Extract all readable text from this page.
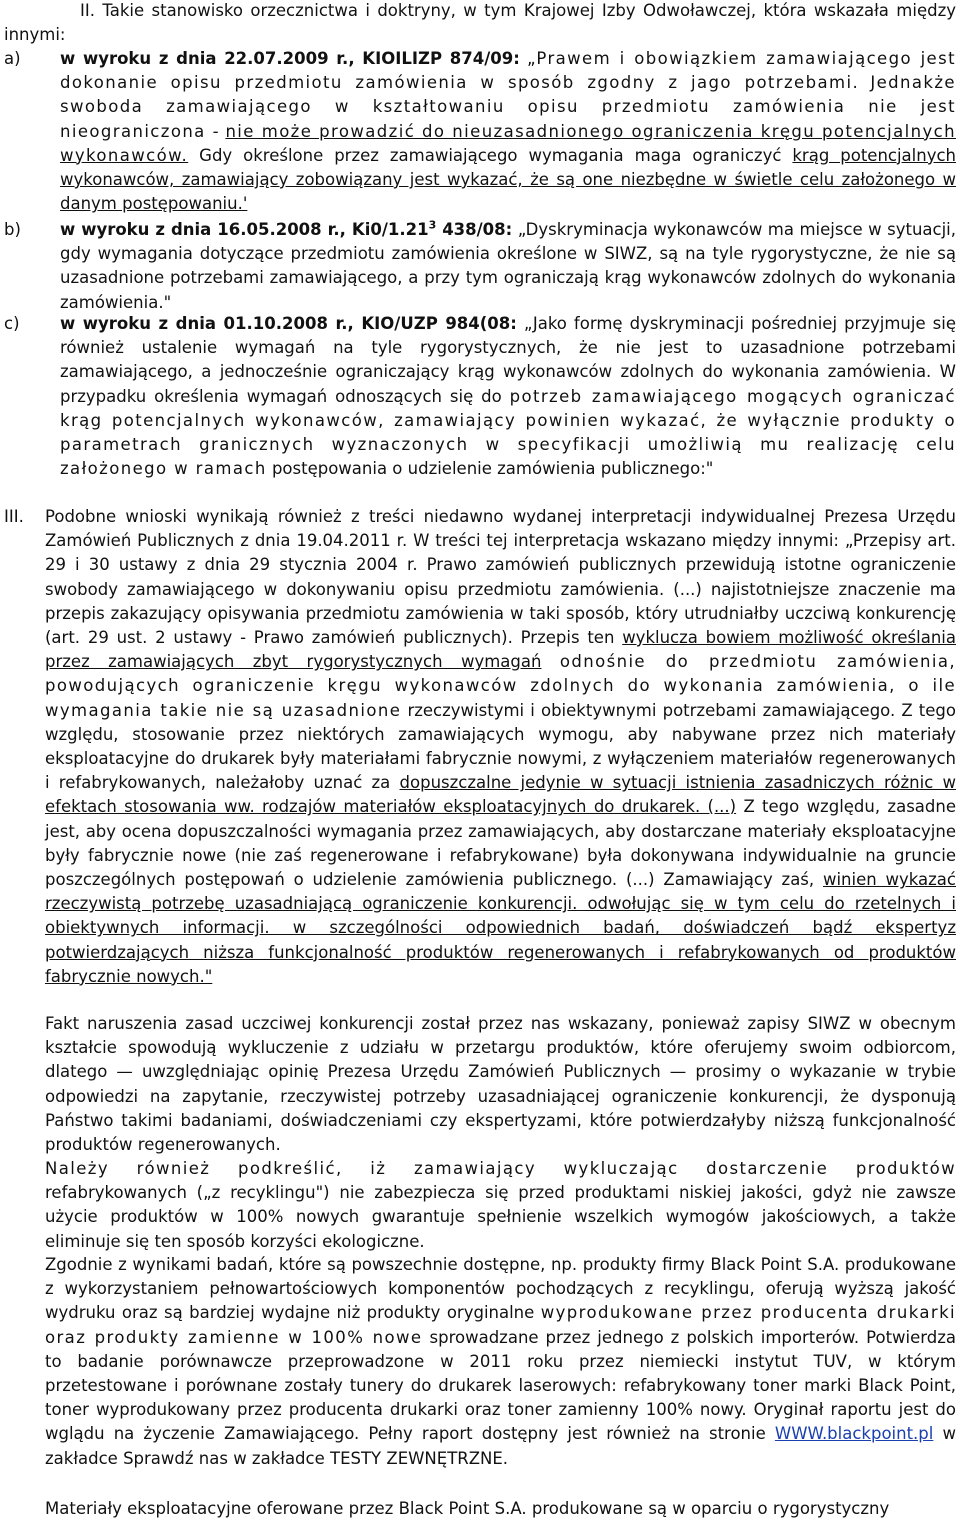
II. Takie stanowisko orzecznictwa i doktryny, w tym Krajowej Izby Odwoławczej, która wskazała między innymi:

a) w wyroku z dnia 22.07.2009 r., KIOILIZP 874/09: „Prawem i obowiązkiem zamawiającego jest dokonanie opisu przedmiotu zamówienia w sposób zgodny z jago potrzebami. Jednakże swoboda zamawiającego w kształtowaniu opisu przedmiotu zamówienia nie jest nieograniczona - nie może prowadzić do nieuzasadnionego ograniczenia kręgu potencjalnych wykonawców. Gdy określone przez zamawiającego wymagania maga ograniczyć krąg potencjalnych wykonawców, zamawiający zobowiązany jest wykazać, że są one niezbędne w świetle celu założonego w danym postępowaniu.'

b) w wyroku z dnia 16.05.2008 r., Ki0/1.21$^3$ 438/08: „Dyskryminacja wykonawców ma miejsce w sytuacji, gdy wymagania dotyczące przedmiotu zamówienia określone w SIWZ, są na tyle rygorystyczne, że nie są uzasadnione potrzebami zamawiającego, a przy tym ograniczają krąg wykonawców zdolnych do wykonania zamówienia."

c) w wyroku z dnia 01.10.2008 r., KIO/UZP 984(08: „Jako formę dyskryminacji pośredniej przyjmuje się również ustalenie wymagań na tyle rygorystycznych, że nie jest to uzasadnione potrzebami zamawiającego, a jednocześnie ograniczający krąg wykonawców zdolnych do wykonania zamówienia. W przypadku określenia wymagań odnoszących się do potrzeb zamawiającego mogących ograniczać krąg potencjalnych wykonawców, zamawiający powinien wykazać, że wyłącznie produkty o parametrach granicznych wyznaczonych w specyfikacji umożliwią mu realizację celu założonego w ramach postępowania o udzielenie zamówienia publicznego:"

III. Podobne wnioski wynikają również z treści niedawno wydanej interpretacji indywidualnej Prezesa Urzędu Zamówień Publicznych z dnia 19.04.2011 r. W treści tej interpretacja wskazano między innymi: „Przepisy art. 29 i 30 ustawy z dnia 29 stycznia 2004 r. Prawo zamówień publicznych przewidują istotne ograniczenie swobody zamawiającego w dokonywaniu opisu przedmiotu zamówienia. (...) najistotniejsze znaczenie ma przepis zakazujący opisywania przedmiotu zamówienia w taki sposób, który utrudniałby uczciwą konkurencję (art. 29 ust. 2 ustawy - Prawo zamówień publicznych). Przepis ten wyklucza bowiem możliwość określania przez zamawiających zbyt rygorystycznych wymagań odnośnie do przedmiotu zamówienia, powodujących ograniczenie kręgu wykonawców zdolnych do wykonania zamówienia, o ile wymagania takie nie są uzasadnione rzeczywistymi i obiektywnymi potrzebami zamawiającego. Z tego względu, stosowanie przez niektórych zamawiających wymogu, aby nabywane przez nich materiały eksploatacyjne do drukarek były materiałami fabrycznie nowymi, z wyłączeniem materiałów regenerowanych i refabrykowanych, należałoby uznać za dopuszczalne jedynie w sytuacji istnienia zasadniczych różnic w efektach stosowania ww. rodzajów materiałów eksploatacyjnych do drukarek. (...) Z tego względu, zasadne jest, aby ocena dopuszczalności wymagania przez zamawiających, aby dostarczane materiały eksploatacyjne były fabrycznie nowe (nie zaś regenerowane i refabrykowane) była dokonywana indywidualnie na gruncie poszczególnych postępowań o udzielenie zamówienia publicznego. (...) Zamawiający zaś, winien wykazać rzeczywistą potrzebę uzasadniającą ograniczenie konkurencji. odwołując się w tym celu do rzetelnych i obiektywnych informacji. w szczególności odpowiednich badań, doświadczeń bądź ekspertyz potwierdzających niższa funkcjonalność produktów regenerowanych i refabrykowanych od produktów fabrycznie nowych."

Fakt naruszenia zasad uczciwej konkurencji został przez nas wskazany, ponieważ zapisy SIWZ w obecnym kształcie spowodują wykluczenie z udziału w przetargu produktów, które oferujemy swoim odbiorcom, dlatego — uwzględniając opinię Prezesa Urzędu Zamówień Publicznych — prosimy o wykazanie w trybie odpowiedzi na zapytanie, rzeczywistej potrzeby uzasadniającej ograniczenie konkurencji, że dysponują Państwo takimi badaniami, doświadczeniami czy ekspertyzami, które potwierdzałyby niższą funkcjonalność produktów regenerowanych.

Należy również podkreślić, iż zamawiający wykluczając dostarczenie produktów refabrykowanych („z recyklingu") nie zabezpiecza się przed produktami niskiej jakości, gdyż nie zawsze użycie produktów w 100% nowych gwarantuje spełnienie wszelkich wymogów jakościowych, a także eliminuje się ten sposób korzyści ekologiczne.

Zgodnie z wynikami badań, które są powszechnie dostępne, np. produkty firmy Black Point S.A. produkowane z wykorzystaniem pełnowartościowych komponentów pochodzących z recyklingu, oferują wyższą jakość wydruku oraz są bardziej wydajne niż produkty oryginalne wyprodukowane przez producenta drukarki oraz produkty zamienne w 100% nowe sprowadzane przez jednego z polskich importerów. Potwierdza to badanie porównawcze przeprowadzone w 2011 roku przez niemiecki instytut TUV, w którym przetestowane i porównane zostały tunery do drukarek laserowych: refabrykowany toner marki Black Point, toner wyprodukowany przez producenta drukarki oraz toner zamienny 100% nowy. Oryginał raportu jest do wglądu na życzenie Zamawiającego. Pełny raport dostępny jest również na stronie WWW.blackpoint.pl w zakładce Sprawdź nas w zakładce TESTY ZEWNĘTRZNE.

Materiały eksploatacyjne oferowane przez Black Point S.A. produkowane są w oparciu o rygorystyczny
